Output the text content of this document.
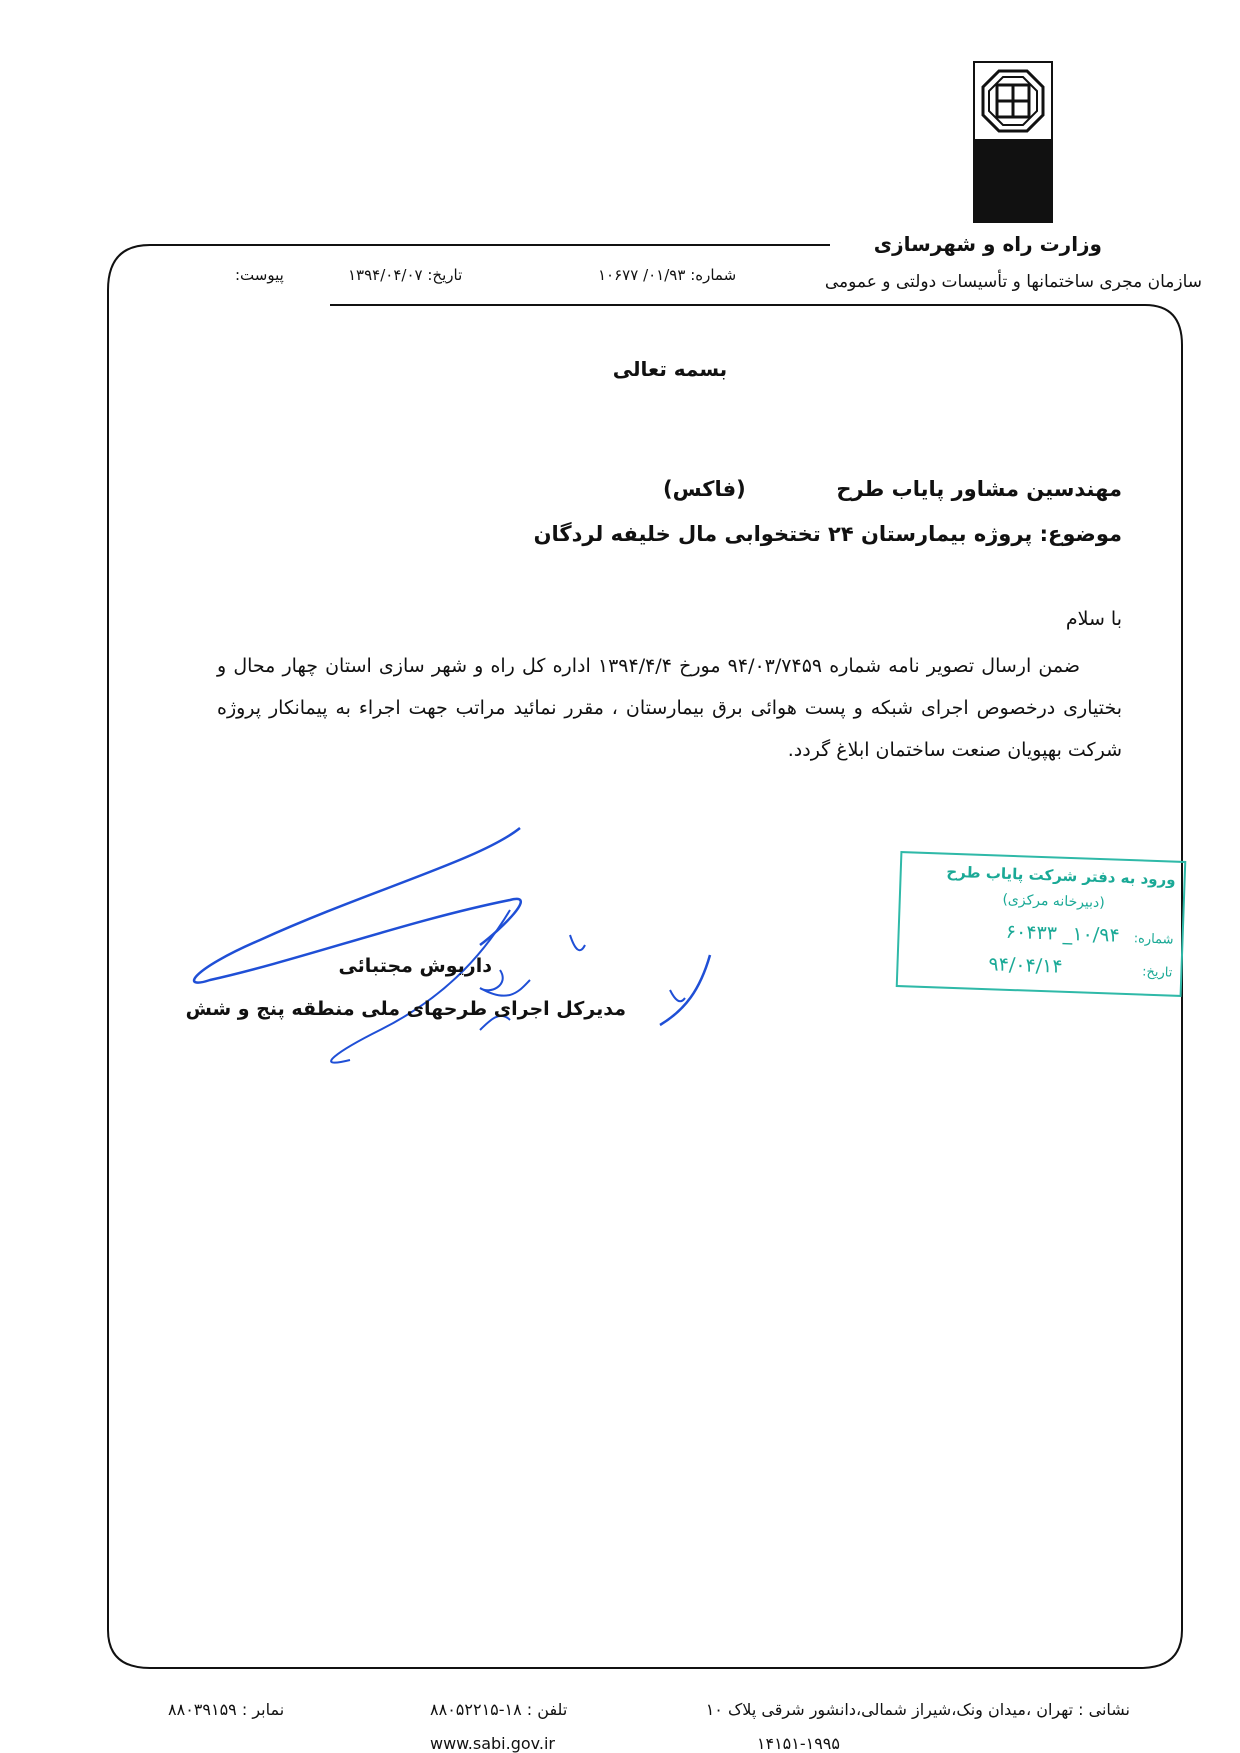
وزارت راه و شهرسازی
سازمان مجری ساختمانها و تأسیسات دولتی و عمومی
شماره: ۰۱/۹۳/ ۱۰۶۷۷
تاریخ: ۱۳۹۴/۰۴/۰۷
پیوست:
بسمه تعالی
مهندسین مشاور پایاب طرح
(فاکس)
موضوع: پروژه بیمارستان ۲۴ تختخوابی مال خلیفه لردگان
با سلام
ضمن ارسال تصویر نامه شماره ۹۴/۰۳/۷۴۵۹ مورخ ۱۳۹۴/۴/۴ اداره کل راه و شهر سازی استان چهار محال و بختیاری درخصوص اجرای شبکه و پست هوائی برق بیمارستان ، مقرر نمائید مراتب جهت اجراء به پیمانکار پروژه شرکت بهپویان صنعت ساختمان ابلاغ گردد.
داریوش مجتبائی
مدیرکل اجرای طرحهای ملی منطقه پنج و شش
ورود به دفتر شرکت پایاب طرح
(دبیرخانه مرکزی)
شماره:
۱۰/۹۴_ ۶۰۴۳۳
تاریخ:
۹۴/۰۴/۱۴
نشانی : تهران ،میدان ونک،شیراز شمالی،دانشور شرقی پلاک ۱۰
تلفن : ۱۸-۸۸۰۵۲۲۱۵
نمابر : ۸۸۰۳۹۱۵۹
www.sabi.gov.ir	۱۴۱۵۱-۱۹۹۵
